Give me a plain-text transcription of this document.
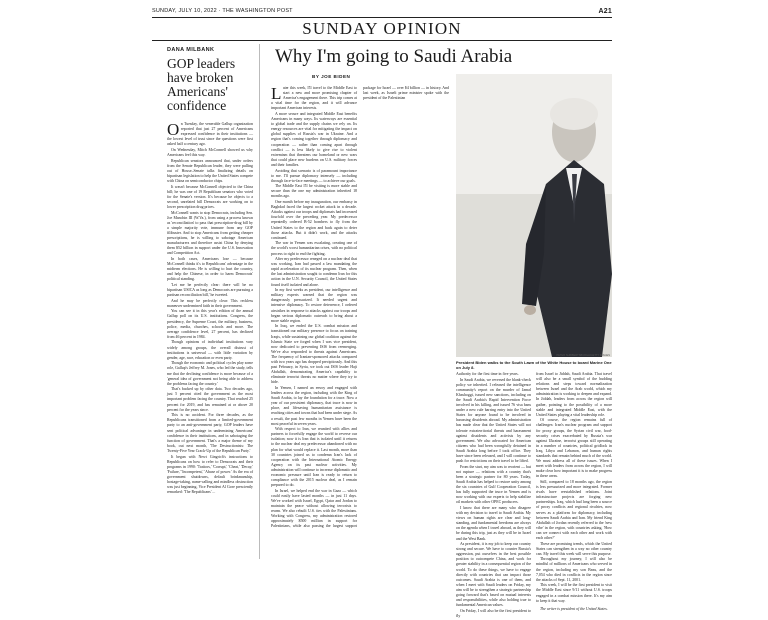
SUNDAY, JULY 10, 2022 · THE WASHINGTON POST	A21
SUNDAY OPINION
DANA MILBANK
GOP leaders have broken Americans' confidence

On Tuesday, the venerable Gallup organization reported that just 27 percent of Americans expressed confidence in their institutions — the lowest level of trust since the questions were first asked half a century ago.

On Wednesday, Mitch McConnell showed us why Americans feel this way.

Republican senators announced that, under orders from the Senate Republican leader, they were pulling out of House–Senate talks finalizing details on bipartisan legislation to help the United States compete with China on semiconductor chips.

It wasn't because McConnell objected to the China bill; he was one of 19 Republican senators who voted for the Senate's version. It's because he objects to a second, unrelated bill Democrats are working on to lower prescription drug prices.

McConnell wants to stop Democrats, including Sen. Joe Manchin III (W.Va.), from using a process known as 'reconciliation' to pass that prescription-drug bill by a simple majority vote, immune from any GOP filibuster. And to stop Americans from getting cheaper prescriptions, he is willing to sabotage American manufacturers and therefore assist China by denying them $52 billion in support under the U.S. Innovation and Competition Act.

In both cases, Americans lose — because McConnell thinks it's to Republicans' advantage in the midterm elections. He is willing to hurt the country, and help the Chinese, in order to harm Democrats' political standing.

'Let me be perfectly clear: there will be no bipartisan USICA as long as Democrats are pursuing a partisan reconciliation bill,' he tweeted.

And he may be perfectly clear: This reckless maneuver undermined faith in their government.

You can see it in this year's edition of the annual Gallup poll on its U.S. institutions. Congress, the presidency, the Supreme Court, the military, business, police, media, churches, schools and more. The average confidence level, 27 percent, has declined from 46 percent in 1984.

Though opinions of individual institutions vary widely among groups, the overall distrust of institutions is universal — with little variation by gender, age, race, education or even party.

Though the economic and political cycles play some role, Gallup's Jeffrey M. Jones, who led the study, tells me that the declining confidence is more because of a 'general idea of government not being able to address the problems facing the country.'

That's backed up by other data. Two decades ago, just 5 percent cited the government as the most important problem facing the country. That reached 25 percent for 2019, and has remained at or above 20 percent for the years since.

This is no accident. For three decades, as the Republicans transitioned from a limited-government party to an anti-government party, GOP leaders have sent political advantage in undermining Americans' confidence in their institutions, and in sabotaging the function of government. That's a major theme of my book, out next month, 'The Destructionists: The Twenty-Five Year Crack-Up of the Republican Party.'

It began with Newt Gingrich's instructions to Republicans on how to refer to Democrats and their programs in 1990: 'Traitors,' 'Corrupt,' 'Cheat,' 'Decay,' 'Failure,' 'Incompetent,' 'Abuse of power.' As the era of government shutdowns, default brinkmanship, hostage-taking, name-calling and mindless obstruction was just beginning, Vice President Al Gore presciently remarked: 'The Republicans' ...

Why I'm going to Saudi Arabia
BY JOE BIDEN

Later this week, I'll travel to the Middle East to start a new and more promising chapter of America's engagement there. This trip comes at a vital time for the region, and it will advance important American interests.

A more secure and integrated Middle East benefits Americans in many ways. Its waterways are essential to global trade and the supply chains we rely on. Its energy resources are vital for mitigating the impact on global supplies of Russia's war in Ukraine. And a region that's coming together through diplomacy and cooperation — rather than coming apart through conflict — is less likely to give rise to violent extremism that threatens our homeland or new wars that could place new burdens on U.S. military forces and their families.

Avoiding that scenario is of paramount importance to me. I'll pursue diplomacy intensely — including through face-to-face meetings — to achieve our goals.

The Middle East I'll be visiting is more stable and secure than the one my administration inherited 18 months ago.

One month before my inauguration, our embassy in Baghdad faced the largest rocket attack in a decade. Attacks against our troops and diplomats had increased fourfold over the preceding year. My predecessor repeatedly ordered B-52 bombers to fly from the United States to the region and back again to deter those attacks. But it didn't work, and the attacks continued.

The war in Yemen was escalating, creating one of the world's worst humanitarian crises, with no political process to right to end the fighting.

After my predecessor reneged on a nuclear deal that was working, Iran had passed a law mandating the rapid acceleration of its nuclear program. Then, when the last administration sought to condemn Iran for this action in the U.N. Security Council, the United States found itself isolated and alone.

In my first weeks as president, our intelligence and military experts warned that the region was dangerously pressurized. It needed urgent and intensive diplomacy. To restore deterrence, I ordered airstrikes in response to attacks against our troops and began serious diplomatic outreach to bring about a more stable region.

In Iraq, we ended the U.S. combat mission and transitioned our military presence to focus on training Iraqis, while sustaining our global coalition against the Islamic State we forged when I was vice president, now dedicated to preventing ISIS from reemerging. We've also responded to threats against Americans. The frequency of Iranian-sponsored attacks compared with two years ago has dropped precipitously. And this past February, in Syria, we took out ISIS leader Haji Abdullah, demonstrating America's capability to eliminate terrorist threats no matter where they try to hide.

In Yemen, I named an envoy and engaged with leaders across the region, including with the King of Saudi Arabia, to lay the foundation for a truce. Now a year of our persistent diplomacy, that truce is now in place, and lifesaving humanitarian assistance is reaching cities and towns that had been under siege. As a result, the past few months in Yemen have been the most peaceful in seven years.

With respect to Iran, we reunited with allies and partners to forcefully engage the world to reverse our isolation; now it is Iran that is isolated until it returns to the nuclear deal my predecessor abandoned with no plan for what would replace it. Last month, more than 30 countries joined us to condemn Iran's lack of cooperation with the International Atomic Energy Agency on its past nuclear activities. My administration will continue to increase diplomatic and economic pressure until Iran is ready to return to compliance with the 2015 nuclear deal, as I remain prepared to do.

In Israel, we helped end the war in Gaza — which could easily have lasted months — in just 11 days. We've worked with Israel, Egypt, Qatar and Jordan to maintain the peace without allowing terrorists to rearm. We also rebuilt U.S. ties with the Palestinians. Working with Congress, my administration restored approximately $500 million in support for Palestinians, while also passing the largest support package for Israel — over $4 billion — in history. And last week, as Israeli prime minister spoke with the president of the Palestinian

PETER SHIBBERTSBURGH/GETTY IMAGES
President Biden walks to the South Lawn of the White House to board Marine One on July 8.

Authority for the first time in five years.

In Saudi Arabia, we reversed the blank-check policy we inherited. I released the intelligence community's report on the murder of Jamal Khashoggi, issued new sanctions, including on the Saudi Arabia's Rapid Intervention Force involved in his killing, and issued 76 visa bans under a new rule barring entry into the United States for anyone found to be involved in harassing dissidents abroad. My administration has made clear that the United States will not tolerate extraterritorial threats and harassment against dissidents and activists by any government. We also advocated for American citizens who had been wrongfully detained in Saudi Arabia long before I took office. They have since been released, and I will continue to push for restrictions on their travel to be lifted.

From the start, my aim was to reorient — but not rupture — relations with a country that's been a strategic partner for 80 years. Today, Saudi Arabia has helped to restore unity among the six countries of Gulf Cooperation Council, has fully supported the truce in Yemen and is now working with our experts to help stabilize oil markets with other OPEC producers.

I know that there are many who disagree with my decision to travel to Saudi Arabia. My views on human rights are clear and long-standing, and fundamental freedoms are always on the agenda when I travel abroad, as they will be during this trip, just as they will be in Israel and the West Bank.

As president, it is my job to keep our country strong and secure. We have to counter Russia's aggression, put ourselves in the best possible position to outcompete China, and work for greater stability in a consequential region of the world. To do these things, we have to engage directly with countries that can impact those outcomes. Saudi Arabia is one of them, and when I meet with Saudi leaders on Friday, my aim will be to strengthen a strategic partnership going forward that's based on mutual interests and responsibilities, while also holding true to fundamental American values.

On Friday, I will also be the first president to fly

from Israel to Jiddah, Saudi Arabia. That travel will also be a small symbol of the budding relations and steps toward normalization between Israel and the Arab world, which my administration is working to deepen and expand. In Jiddah, leaders from across the region will gather, pointing to the possibility of a more stable and integrated Middle East, with the United States playing a vital leadership role.

Of course, the region remains full of challenges: Iran's nuclear program and support for proxy groups, the Syrian civil war, food-security crises exacerbated by Russia's war against Ukraine, terrorist groups still operating in a number of countries, political gridlock in Iraq, Libya and Lebanon, and human rights standards that remain behind much of the world. We must address all of these issues. When I meet with leaders from across the region, I will make clear how important it is to make progress in these areas.

Still, compared to 18 months ago, the region is less pressurized and more integrated. Former rivals have reestablished relations. Joint infrastructure projects are forging new partnerships. Iraq, which had long been a source of proxy conflicts and regional rivalries, now serves as a platform for diplomacy, including between Saudi Arabia and Iran. My friend King Abdullah of Jordan recently referred to the 'new vibe' in the region, with countries asking, 'How can we connect with each other and work with each other?'

These are promising trends, which the United States can strengthen in a way no other country can. My travel this week will serve this purpose.

Throughout my journey, I will also be mindful of millions of Americans who served in the region, including my son Beau, and the 7,054 who died in conflicts in the region since the attacks of Sept. 11, 2001.

This week, I will be the first president to visit the Middle East since 9/11 without U.S. troops engaged in a combat mission there. It's my aim to keep it that way.

The writer is president of the United States.
